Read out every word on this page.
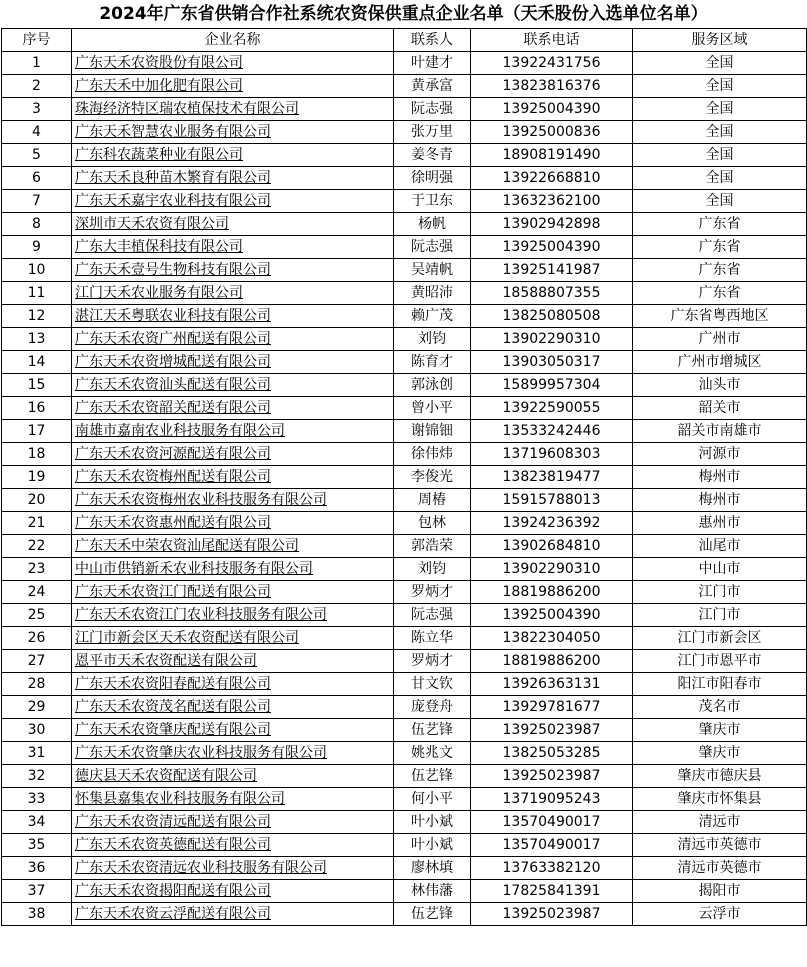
2024年广东省供销合作社系统农资保供重点企业名单（天禾股份入选单位名单）
序号	企业名称	联系人	联系电话	服务区域
1	广东天禾农资股份有限公司	叶建才	13922431756	全国
2	广东天禾中加化肥有限公司	黄承富	13823816376	全国
3	珠海经济特区瑞农植保技术有限公司	阮志强	13925004390	全国
4	广东天禾智慧农业服务有限公司	张万里	13925000836	全国
5	广东科农蔬菜种业有限公司	姜冬青	18908191490	全国
6	广东天禾良种苗木繁育有限公司	徐明强	13922668810	全国
7	广东天禾嘉宇农业科技有限公司	于卫东	13632362100	全国
8	深圳市天禾农资有限公司	杨帆	13902942898	广东省
9	广东大丰植保科技有限公司	阮志强	13925004390	广东省
10	广东天禾壹号生物科技有限公司	吴靖帆	13925141987	广东省
11	江门天禾农业服务有限公司	黄昭沛	18588807355	广东省
12	湛江天禾粤联农业科技有限公司	赖广茂	13825080508	广东省粤西地区
13	广东天禾农资广州配送有限公司	刘钧	13902290310	广州市
14	广东天禾农资增城配送有限公司	陈育才	13903050317	广州市增城区
15	广东天禾农资汕头配送有限公司	郭泳创	15899957304	汕头市
16	广东天禾农资韶关配送有限公司	曾小平	13922590055	韶关市
17	南雄市嘉南农业科技服务有限公司	谢锦钿	13533242446	韶关市南雄市
18	广东天禾农资河源配送有限公司	徐伟炜	13719608303	河源市
19	广东天禾农资梅州配送有限公司	李俊光	13823819477	梅州市
20	广东天禾农资梅州农业科技服务有限公司	周椿	15915788013	梅州市
21	广东天禾农资惠州配送有限公司	包林	13924236392	惠州市
22	广东天禾中荣农资汕尾配送有限公司	郭浩荣	13902684810	汕尾市
23	中山市供销新禾农业科技服务有限公司	刘钧	13902290310	中山市
24	广东天禾农资江门配送有限公司	罗炳才	18819886200	江门市
25	广东天禾农资江门农业科技服务有限公司	阮志强	13925004390	江门市
26	江门市新会区天禾农资配送有限公司	陈立华	13822304050	江门市新会区
27	恩平市天禾农资配送有限公司	罗炳才	18819886200	江门市恩平市
28	广东天禾农资阳春配送有限公司	甘文钦	13926363131	阳江市阳春市
29	广东天禾农资茂名配送有限公司	庞登舟	13929781677	茂名市
30	广东天禾农资肇庆配送有限公司	伍艺锋	13925023987	肇庆市
31	广东天禾农资肇庆农业科技服务有限公司	姚兆文	13825053285	肇庆市
32	德庆县天禾农资配送有限公司	伍艺锋	13925023987	肇庆市德庆县
33	怀集县嘉集农业科技服务有限公司	何小平	13719095243	肇庆市怀集县
34	广东天禾农资清远配送有限公司	叶小斌	13570490017	清远市
35	广东天禾农资英德配送有限公司	叶小斌	13570490017	清远市英德市
36	广东天禾农资清远农业科技服务有限公司	廖林填	13763382120	清远市英德市
37	广东天禾农资揭阳配送有限公司	林伟藩	17825841391	揭阳市
38	广东天禾农资云浮配送有限公司	伍艺锋	13925023987	云浮市
